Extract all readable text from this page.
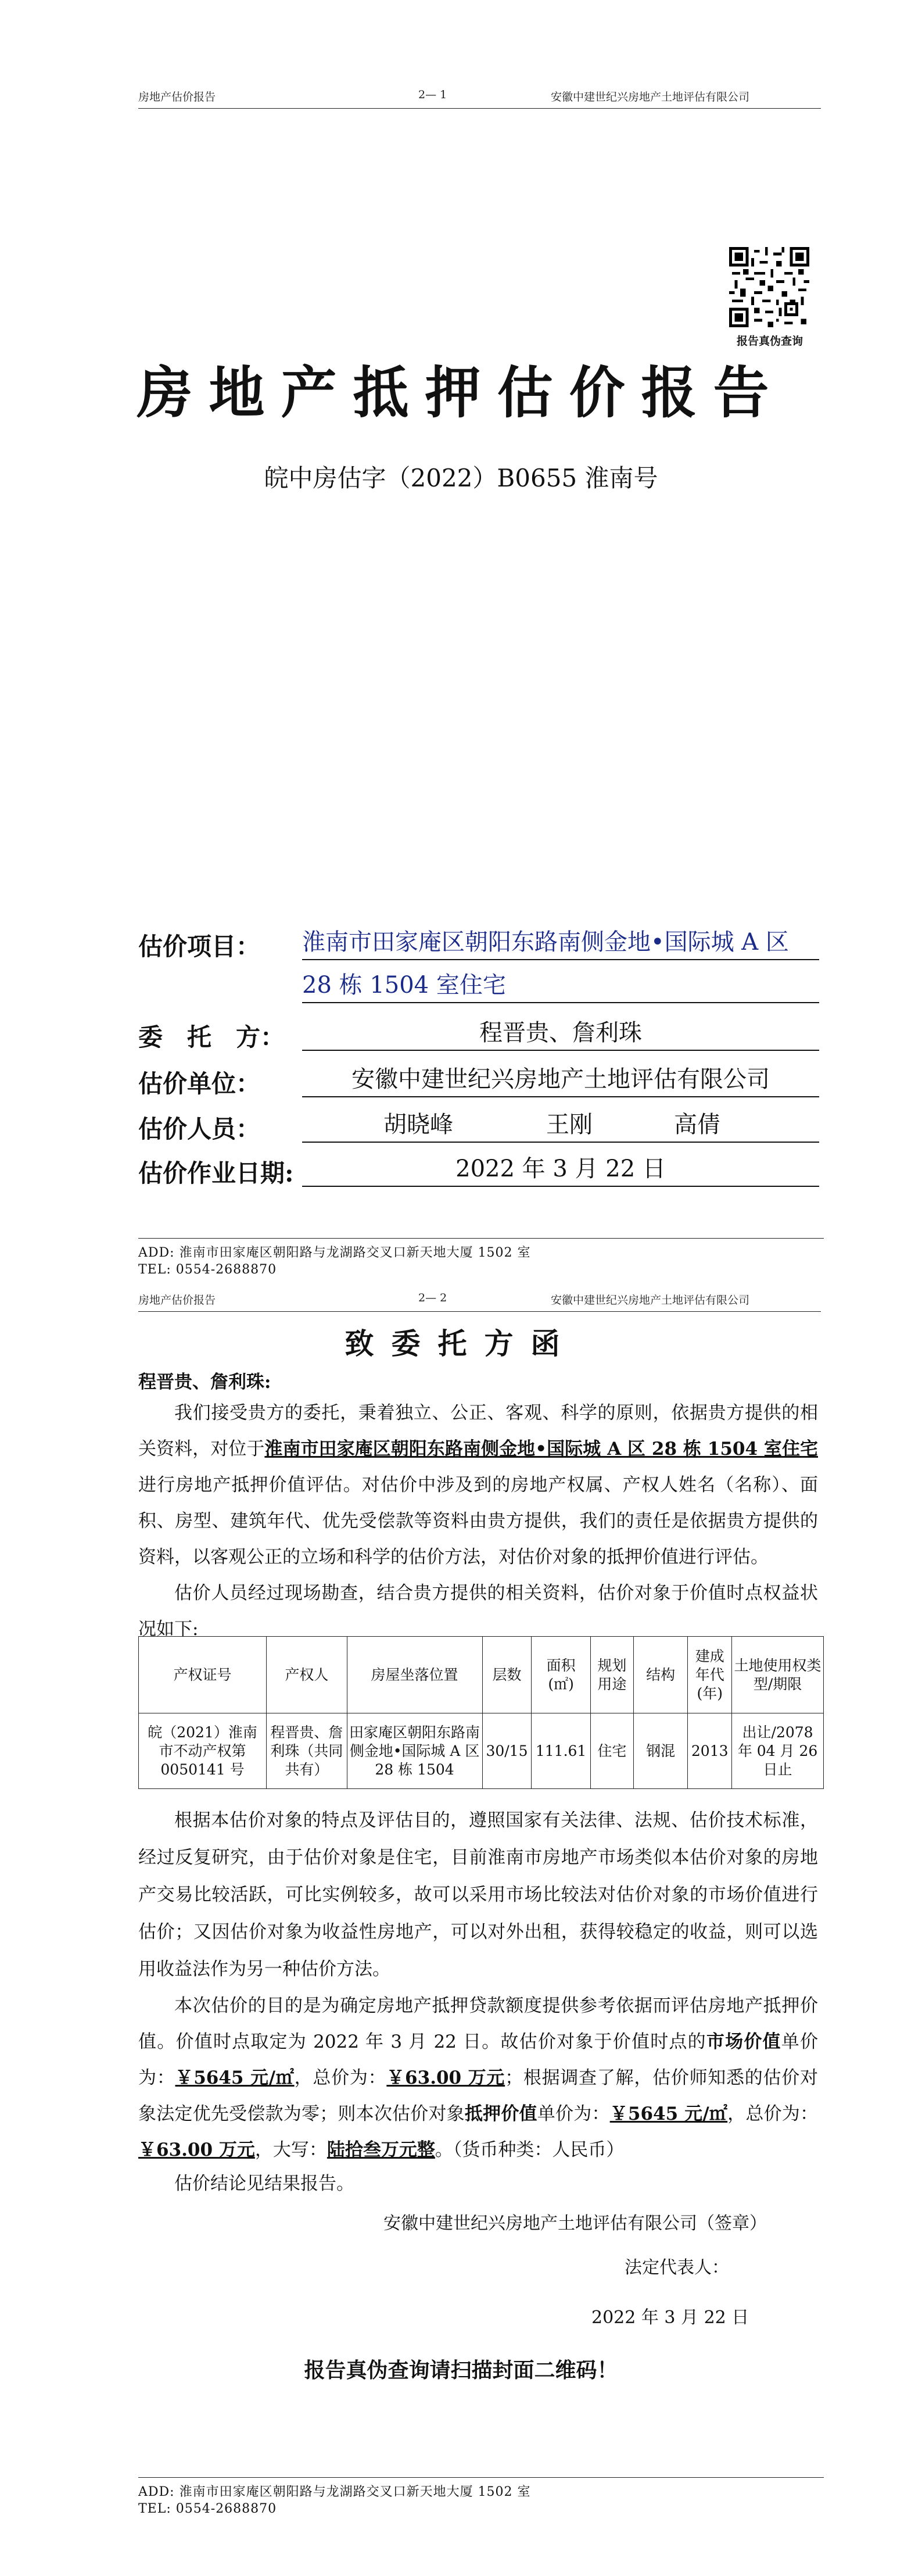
房地产估价报告	2— 1	安徽中建世纪兴房地产土地评估有限公司
报告真伪查询
房地产抵押估价报告
皖中房估字（2022）B0655 淮南号
估价项目： 淮南市田家庵区朝阳东路南侧金地•国际城 A 区
28 栋 1504 室住宅
委　托　方：	程晋贵、詹利珠
估价单位：	安徽中建世纪兴房地产土地评估有限公司
估价人员：	胡晓峰	王刚	高倩
估价作业日期:	2022 年 3 月 22 日
ADD: 淮南市田家庵区朝阳路与龙湖路交叉口新天地大厦 1502 室
TEL: 0554-2688870
房地产估价报告	2— 2	安徽中建世纪兴房地产土地评估有限公司
致委托方函
程晋贵、詹利珠:
我们接受贵方的委托，秉着独立、公正、客观、科学的原则，依据贵方提供的相关资料，对位于淮南市田家庵区朝阳东路南侧金地•国际城 A 区 28 栋 1504 室住宅进行房地产抵押价值评估。对估价中涉及到的房地产权属、产权人姓名（名称）、面积、房型、建筑年代、优先受偿款等资料由贵方提供，我们的责任是依据贵方提供的资料，以客观公正的立场和科学的估价方法，对估价对象的抵押价值进行评估。
估价人员经过现场勘查，结合贵方提供的相关资料，估价对象于价值时点权益状况如下:
产权证号	产权人	房屋坐落位置	层数	面积(㎡)	规划用途	结构	建成年代(年)	土地使用权类型/期限
皖（2021）淮南市不动产权第 0050141 号	程晋贵、詹利珠（共同共有）	田家庵区朝阳东路南侧金地•国际城 A 区 28 栋 1504	30/15	111.61	住宅	钢混	2013	出让/2078 年 04 月 26 日止
根据本估价对象的特点及评估目的，遵照国家有关法律、法规、估价技术标准，经过反复研究，由于估价对象是住宅，目前淮南市房地产市场类似本估价对象的房地产交易比较活跃，可比实例较多，故可以采用市场比较法对估价对象的市场价值进行估价；又因估价对象为收益性房地产，可以对外出租，获得较稳定的收益，则可以选用收益法作为另一种估价方法。
本次估价的目的是为确定房地产抵押贷款额度提供参考依据而评估房地产抵押价值。价值时点取定为 2022 年 3 月 22 日。故估价对象于价值时点的市场价值单价为：￥5645 元/㎡，总价为：￥63.00 万元；根据调查了解，估价师知悉的估价对象法定优先受偿款为零；则本次估价对象抵押价值单价为：￥5645 元/㎡，总价为：￥63.00 万元，大写：陆拾叁万元整。（货币种类：人民币）
估价结论见结果报告。
安徽中建世纪兴房地产土地评估有限公司（签章）
法定代表人：
2022 年 3 月 22 日
报告真伪查询请扫描封面二维码！
ADD: 淮南市田家庵区朝阳路与龙湖路交叉口新天地大厦 1502 室
TEL: 0554-2688870
